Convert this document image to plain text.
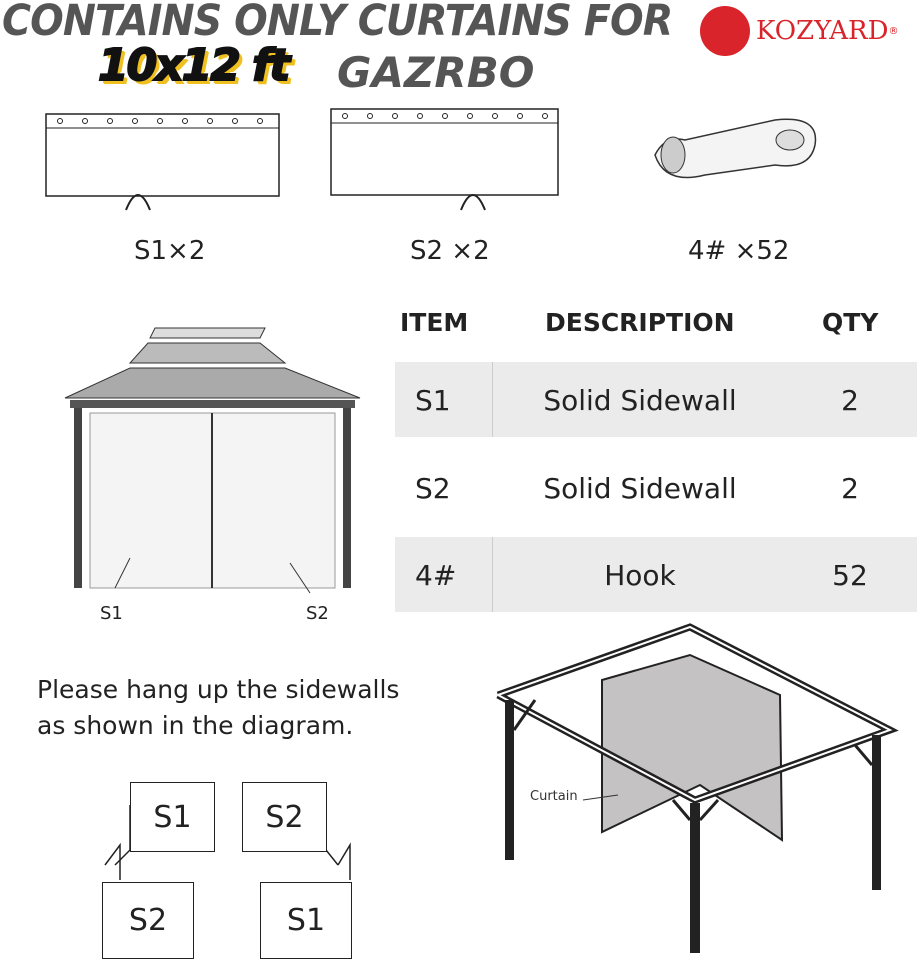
CONTAINS ONLY CURTAINS FOR
10x12 ft GAZRBO
KOZYARD ®
S1×2	S2 ×2	4# ×52
S1	S2
ITEM	DESCRIPTION	QTY
S1	Solid Sidewall	2
S2	Solid Sidewall	2
4#	Hook	52
Please hang up the sidewalls
as shown in the diagram.
S1	S2
S2	S1
Curtain
